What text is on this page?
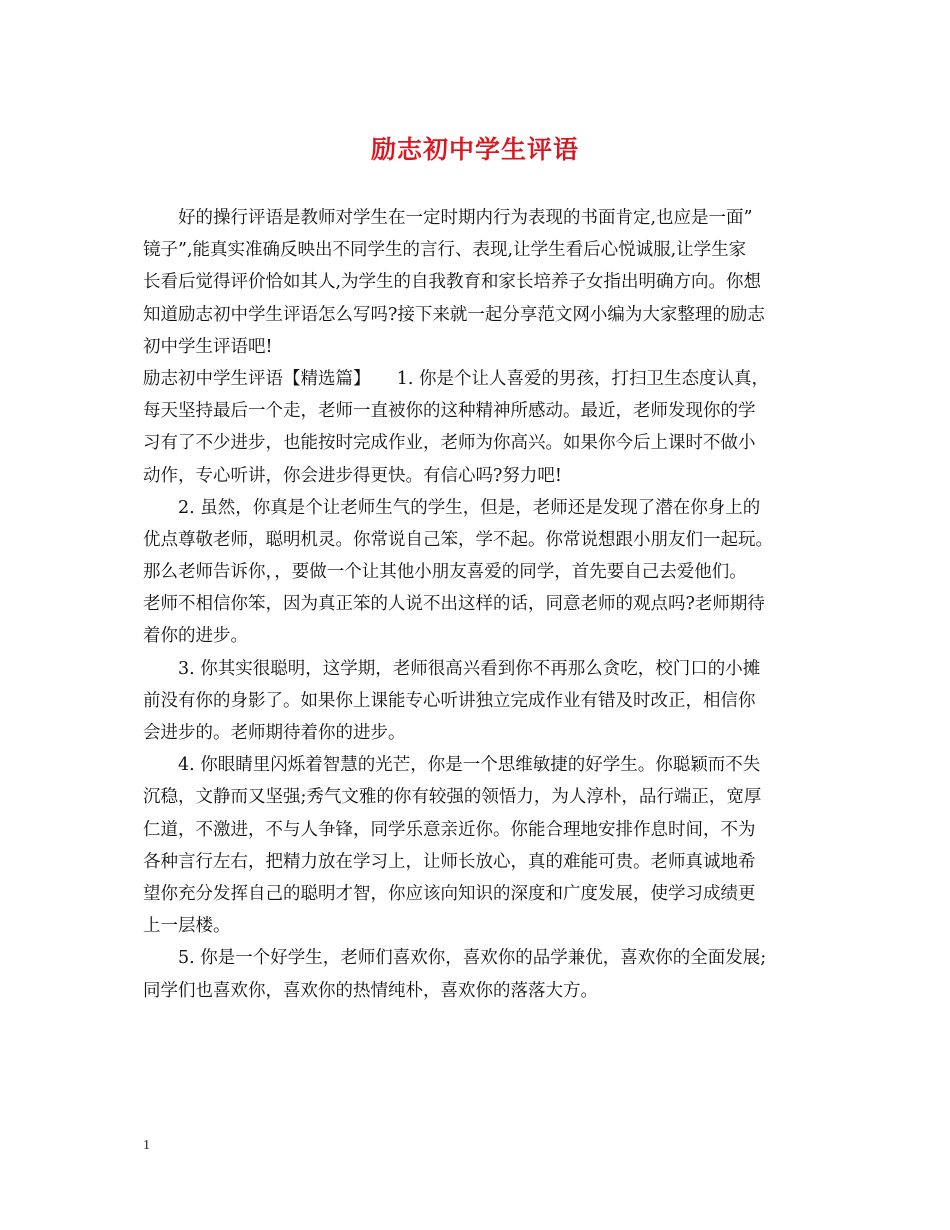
励志初中学生评语
好的操行评语是教师对学生在一定时期内行为表现的书面肯定,也应是一面”
镜子”,能真实准确反映出不同学生的言行、表现,让学生看后心悦诚服,让学生家
长看后觉得评价恰如其人,为学生的自我教育和家长培养子女指出明确方向。你想
知道励志初中学生评语怎么写吗?接下来就一起分享范文网小编为大家整理的励志
初中学生评语吧!
励志初中学生评语【精选篇】　　1. 你是个让人喜爱的男孩，打扫卫生态度认真，
每天坚持最后一个走，老师一直被你的这种精神所感动。最近，老师发现你的学
习有了不少进步，也能按时完成作业，老师为你高兴。如果你今后上课时不做小
动作，专心听讲，你会进步得更快。有信心吗?努力吧!
2. 虽然，你真是个让老师生气的学生，但是，老师还是发现了潜在你身上的
优点尊敬老师，聪明机灵。你常说自己笨，学不起。你常说想跟小朋友们一起玩。
那么老师告诉你，，要做一个让其他小朋友喜爱的同学，首先要自己去爱他们。
老师不相信你笨，因为真正笨的人说不出这样的话，同意老师的观点吗?老师期待
着你的进步。
3. 你其实很聪明，这学期，老师很高兴看到你不再那么贪吃，校门口的小摊
前没有你的身影了。如果你上课能专心听讲独立完成作业有错及时改正，相信你
会进步的。老师期待着你的进步。
4. 你眼睛里闪烁着智慧的光芒，你是一个思维敏捷的好学生。你聪颖而不失
沉稳，文静而又坚强;秀气文雅的你有较强的领悟力，为人淳朴，品行端正，宽厚
仁道，不激进，不与人争锋，同学乐意亲近你。你能合理地安排作息时间，不为
各种言行左右，把精力放在学习上，让师长放心，真的难能可贵。老师真诚地希
望你充分发挥自己的聪明才智，你应该向知识的深度和广度发展，使学习成绩更
上一层楼。
5. 你是一个好学生，老师们喜欢你，喜欢你的品学兼优，喜欢你的全面发展;
同学们也喜欢你，喜欢你的热情纯朴，喜欢你的落落大方。
1
